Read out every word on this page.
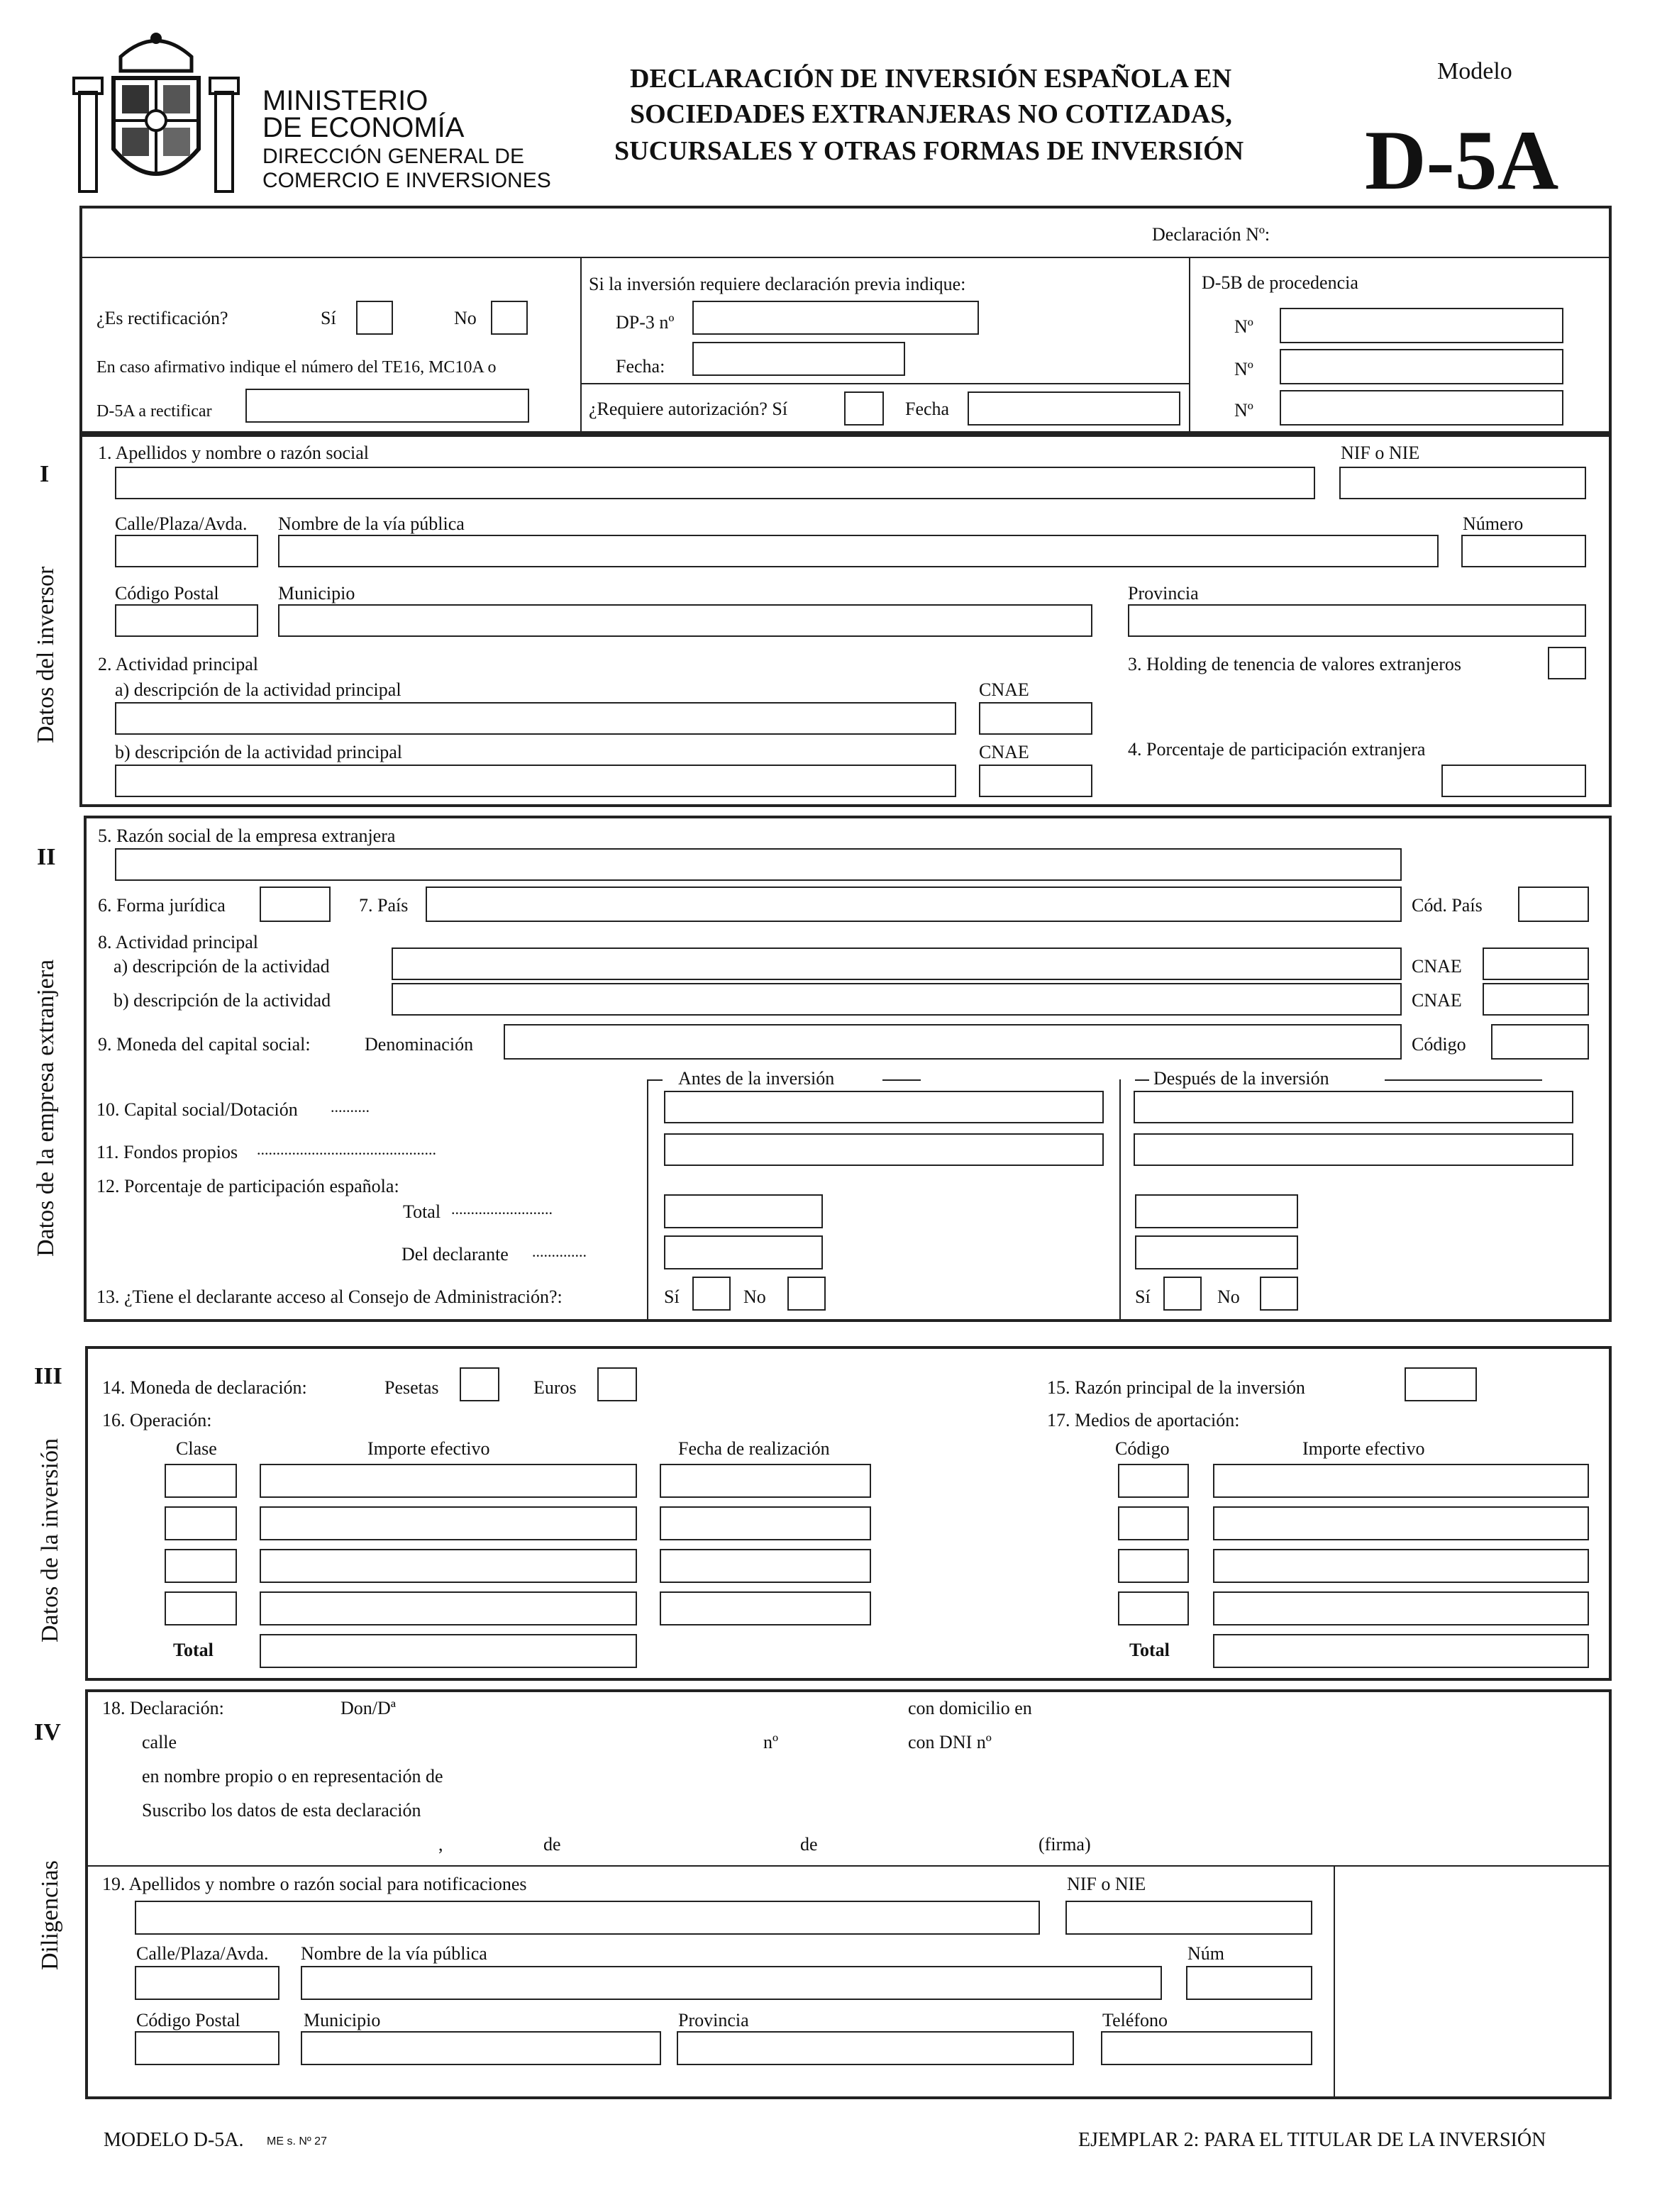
MINISTERIO
DE ECONOMÍA
DIRECCIÓN GENERAL DE
COMERCIO E INVERSIONES
DECLARACIÓN DE INVERSIÓN ESPAÑOLA EN
SOCIEDADES EXTRANJERAS NO COTIZADAS,
SUCURSALES Y OTRAS FORMAS DE INVERSIÓN
Modelo
D-5A
Declaración Nº:
¿Es rectificación?	Sí	No
En caso afirmativo indique el número del TE16, MC10A o
D-5A a rectificar
Si la inversión requiere declaración previa indique:
DP-3 nº
Fecha:
¿Requiere autorización? Sí	Fecha
D-5B de procedencia
Nº
Nº
Nº
I
Datos del inversor
1. Apellidos y nombre o razón social	NIF o NIE
Calle/Plaza/Avda. Nombre de la vía pública	Número
Código Postal	Municipio	Provincia
2. Actividad principal
a) descripción de la actividad principal	CNAE
b) descripción de la actividad principal	CNAE
3. Holding de tenencia de valores extranjeros
4. Porcentaje de participación extranjera
II
Datos de la empresa extranjera
5. Razón social de la empresa extranjera
6. Forma jurídica	7. País	Cód. País
8. Actividad principal
a) descripción de la actividad	CNAE
b) descripción de la actividad	CNAE
9. Moneda del capital social:	Denominación	Código
Antes de la inversión	Después de la inversión
10. Capital social/Dotación ..........
11. Fondos propios ..............................................
12. Porcentaje de participación española:
Total ..........................
Del declarante ..............
13. ¿Tiene el declarante acceso al Consejo de Administración?:	Sí	No	Sí	No
III
Datos de la inversión
14. Moneda de declaración:	Pesetas	Euros	15. Razón principal de la inversión
16. Operación:
Clase	Importe efectivo	Fecha de realización
17. Medios de aportación:
Código	Importe efectivo
Total	Total
IV
Diligencias
18. Declaración:	Don/Dª	con domicilio en
calle	nº	con DNI nº
en nombre propio o en representación de
Suscribo los datos de esta declaración
,	de	de	(firma)
19. Apellidos y nombre o razón social para notificaciones	NIF o NIE
Calle/Plaza/Avda. Nombre de la vía pública	Núm
Código Postal	Municipio	Provincia	Teléfono
MODELO D-5A. ME s. Nº 27	EJEMPLAR 2: PARA EL TITULAR DE LA INVERSIÓN
